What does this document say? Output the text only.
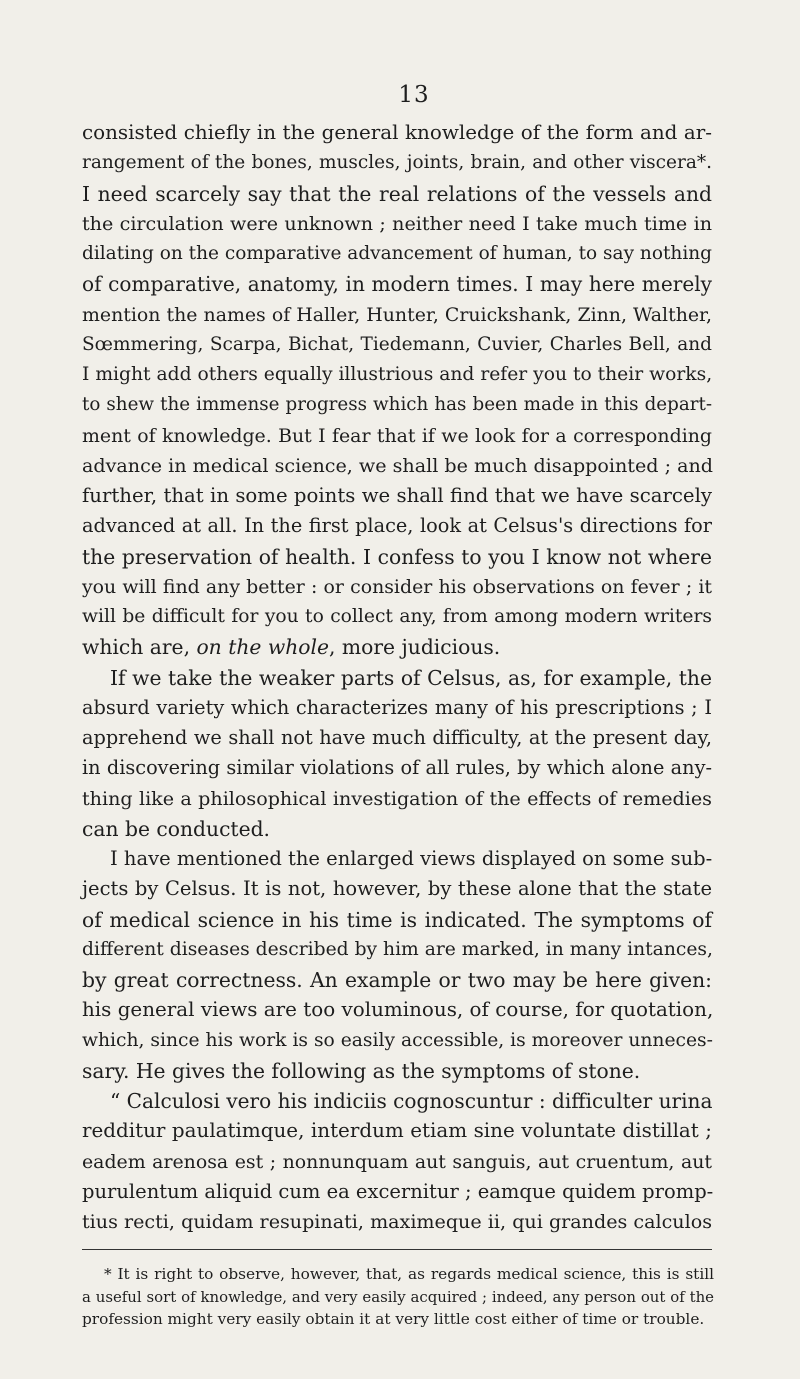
13
consisted chiefly in the general knowledge of the form and ar-
rangement of the bones, muscles, joints, brain, and other viscera*.
I need scarcely say that the real relations of the vessels and
the circulation were unknown ; neither need I take much time in
dilating on the comparative advancement of human, to say nothing
of comparative, anatomy, in modern times. I may here merely
mention the names of Haller, Hunter, Cruickshank, Zinn, Walther,
Sœmmering, Scarpa, Bichat, Tiedemann, Cuvier, Charles Bell, and
I might add others equally illustrious and refer you to their works,
to shew the immense progress which has been made in this depart-
ment of knowledge. But I fear that if we look for a corresponding
advance in medical science, we shall be much disappointed ; and
further, that in some points we shall find that we have scarcely
advanced at all. In the first place, look at Celsus's directions for
the preservation of health. I confess to you I know not where
you will find any better : or consider his observations on fever ; it
will be difficult for you to collect any, from among modern writers
which are, on the whole, more judicious.
If we take the weaker parts of Celsus, as, for example, the
absurd variety which characterizes many of his prescriptions ; I
apprehend we shall not have much difficulty, at the present day,
in discovering similar violations of all rules, by which alone any-
thing like a philosophical investigation of the effects of remedies
can be conducted.
I have mentioned the enlarged views displayed on some sub-
jects by Celsus. It is not, however, by these alone that the state
of medical science in his time is indicated. The symptoms of
different diseases described by him are marked, in many intances,
by great correctness. An example or two may be here given:
his general views are too voluminous, of course, for quotation,
which, since his work is so easily accessible, is moreover unneces-
sary. He gives the following as the symptoms of stone.
“ Calculosi vero his indiciis cognoscuntur : difficulter urina
redditur paulatimque, interdum etiam sine voluntate distillat ;
eadem arenosa est ; nonnunquam aut sanguis, aut cruentum, aut
purulentum aliquid cum ea excernitur ; eamque quidem promp-
tius recti, quidam resupinati, maximeque ii, qui grandes calculos
* It is right to observe, however, that, as regards medical science, this is still
a useful sort of knowledge, and very easily acquired ; indeed, any person out of the
profession might very easily obtain it at very little cost either of time or trouble.
